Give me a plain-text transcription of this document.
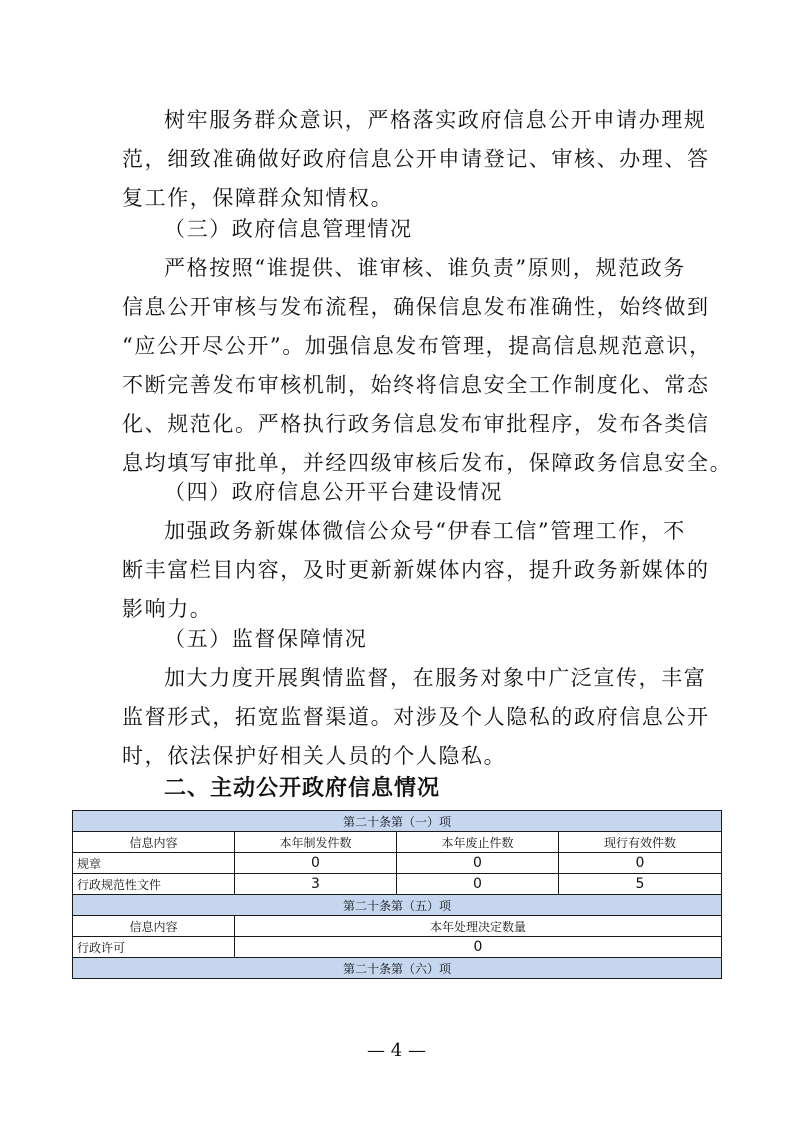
树牢服务群众意识，严格落实政府信息公开申请办理规
范，细致准确做好政府信息公开申请登记、审核、办理、答
复工作，保障群众知情权。
（三）政府信息管理情况
严格按照“谁提供、谁审核、谁负责”原则，规范政务
信息公开审核与发布流程，确保信息发布准确性，始终做到
“应公开尽公开”。加强信息发布管理，提高信息规范意识，
不断完善发布审核机制，始终将信息安全工作制度化、常态
化、规范化。严格执行政务信息发布审批程序，发布各类信
息均填写审批单，并经四级审核后发布，保障政务信息安全。
（四）政府信息公开平台建设情况
加强政务新媒体微信公众号“伊春工信”管理工作，不
断丰富栏目内容，及时更新新媒体内容，提升政务新媒体的
影响力。
（五）监督保障情况
加大力度开展舆情监督，在服务对象中广泛宣传，丰富
监督形式，拓宽监督渠道。对涉及个人隐私的政府信息公开
时，依法保护好相关人员的个人隐私。
二、主动公开政府信息情况
第二十条第（一）项			
信息内容	本年制发件数	本年废止件数	现行有效件数
规章	0	0	0
行政规范性文件	3	0	5
第二十条第（五）项			
信息内容	本年处理决定数量		
行政许可	0		
第二十条第（六）项			
— 4 —
